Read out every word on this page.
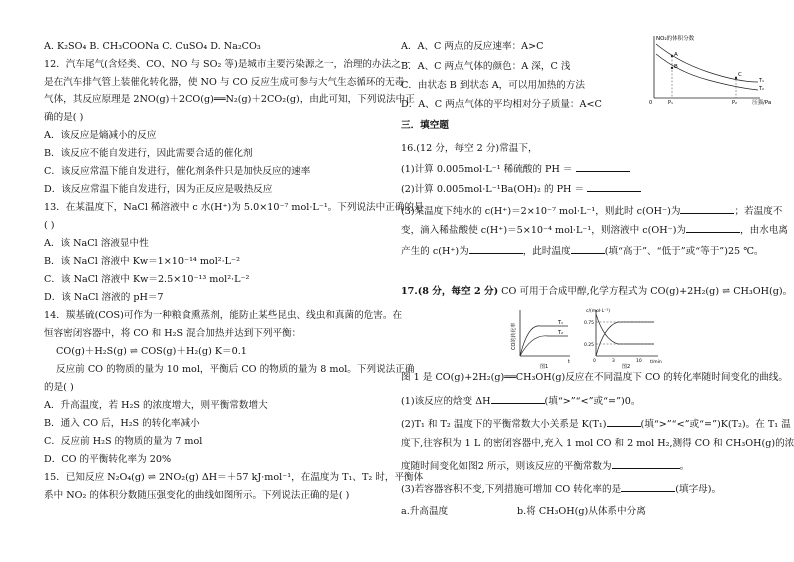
A. K₂SO₄ B. CH₃COONa C. CuSO₄ D. Na₂CO₃
12．汽车尾气(含烃类、CO、NO 与 SO₂ 等)是城市主要污染源之一，治理的办法之一
是在汽车排气管上装催化转化器，使 NO 与 CO 反应生成可参与大气生态循环的无毒
气体，其反应原理是 2NO(g)＋2CO(g)══N₂(g)＋2CO₂(g)，由此可知，下列说法中正
确的是( )
A．该反应是熵减小的反应
B．该反应不能自发进行，因此需要合适的催化剂
C．该反应常温下能自发进行，催化剂条件只是加快反应的速率
D．该反应常温下能自发进行，因为正反应是吸热反应
13．在某温度下，NaCl 稀溶液中 c 水(H⁺)为 5.0×10⁻⁷ mol·L⁻¹。下列说法中正确的是
( )
A．该 NaCl 溶液显中性
B．该 NaCl 溶液中 Kw＝1×10⁻¹⁴ mol²·L⁻²
C．该 NaCl 溶液中 Kw＝2.5×10⁻¹³ mol²·L⁻²
D．该 NaCl 溶液的 pH＝7
14．羰基硫(COS)可作为一种粮食熏蒸剂，能防止某些昆虫、线虫和真菌的危害。在
恒容密闭容器中，将 CO 和 H₂S 混合加热并达到下列平衡：
CO(g)＋H₂S(g) ⇌ COS(g)＋H₂(g) K＝0.1
反应前 CO 的物质的量为 10 mol，平衡后 CO 的物质的量为 8 mol。下列说法正确
的是( )
A．升高温度，若 H₂S 的浓度增大，则平衡常数增大
B．通入 CO 后，H₂S 的转化率减小
C．反应前 H₂S 的物质的量为 7 mol
D．CO 的平衡转化率为 20%
15．已知反应 N₂O₄(g) ⇌ 2NO₂(g) ΔH＝＋57 kJ·mol⁻¹，在温度为 T₁、T₂ 时，平衡体
系中 NO₂ 的体积分数随压强变化的曲线如图所示。下列说法正确的是( )
A．A、C 两点的反应速率：A>C
B．A、C 两点气体的颜色：A 深，C 浅
C．由状态 B 到状态 A，可以用加热的方法
D．A、C 两点气体的平均相对分子质量：A<C
三．填空题
16.(12 分，每空 2 分)常温下，
(1)计算 0.005mol·L⁻¹ 稀硫酸的 PH ＝
(2)计算 0.005mol·L⁻¹Ba(OH)₂ 的 PH ＝
(3)某温度下纯水的 c(H⁺)＝2×10⁻⁷ mol·L⁻¹，则此时 c(OH⁻)为	；若温度不
变，滴入稀盐酸使 c(H⁺)＝5×10⁻⁴ mol·L⁻¹，则溶液中 c(OH⁻)为	，由水电离
产生的 c(H⁺)为	，此时温度	(填“高于”、“低于”或“等于”)25 ℃。
17.(8 分，每空 2 分) CO 可用于合成甲醇,化学方程式为 CO(g)+2H₂(g) ⇌ CH₃OH(g)。
图 1 是 CO(g)+2H₂(g)══CH₃OH(g)反应在不同温度下 CO 的转化率随时间变化的曲线。
(1)该反应的焓变 ΔH	(填“>”“<”或“=”)0。
(2)T₁ 和 T₂ 温度下的平衡常数大小关系是 K(T₁)	(填“>”“<”或“=”)K(T₂)。在 T₁ 温
度下,往容积为 1 L 的密闭容器中,充入 1 mol CO 和 2 mol H₂,测得 CO 和 CH₃OH(g)的浓
度随时间变化如图2 所示，则该反应的平衡常数为	。
(3)若容器容积不变,下列措施可增加 CO 转化率的是	(填字母)。
a.升高温度	b.将 CH₃OH(g)从体系中分离
NO₂的体积分数
压强/Pa
A
B
C
T₁
T₂
0	P₁	P₂
CO的转化率
t
T₁
T₂
图1
c/(mol·L⁻¹)
t/min
0.75
0.25
0	3	10
图2
